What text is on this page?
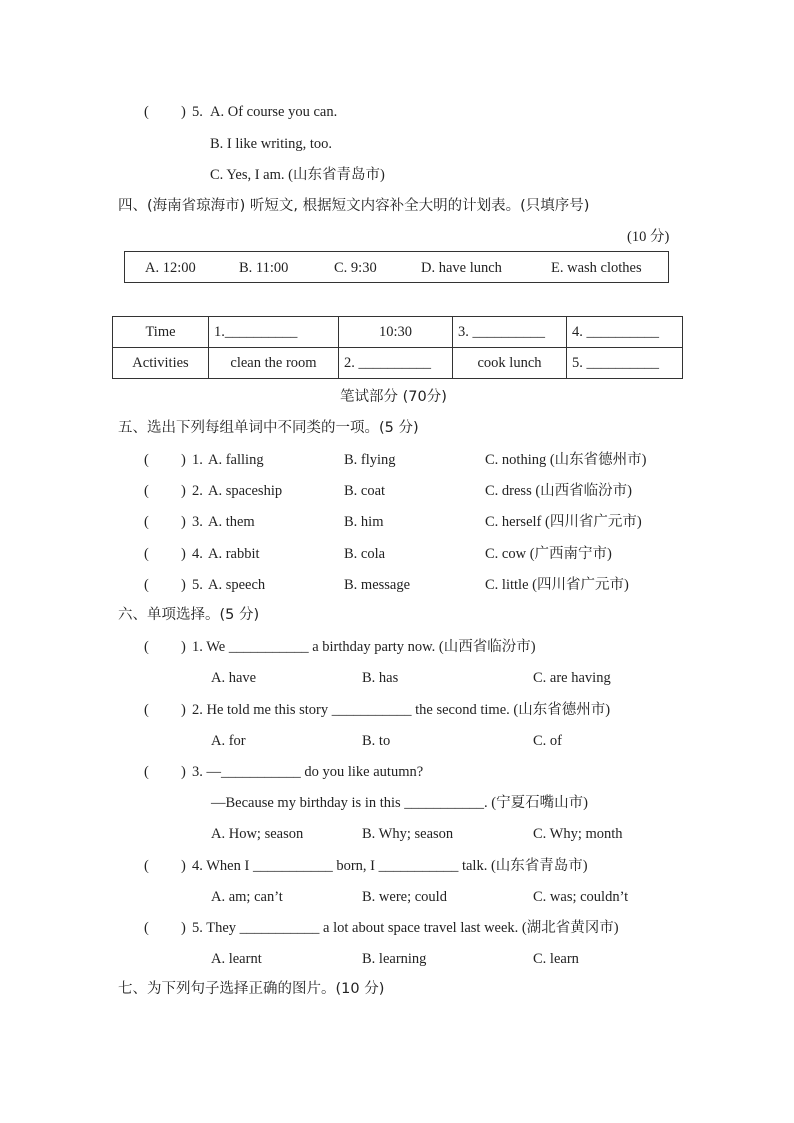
( ) 5. A. Of course you can.
B. I like writing, too.
C. Yes, I am. (山东省青岛市)
四、(海南省琼海市) 听短文, 根据短文内容补全大明的计划表。(只填序号)
(10 分)
A. 12:00	B. 11:00	C. 9:30	D. have lunch	E. wash clothes
Time	1.__________	10:30	3. __________	4. __________
Activities	clean the room	2. __________	cook lunch	5. __________
笔试部分 (70分)
五、选出下列每组单词中不同类的一项。(5 分)
( ) 1. A. falling	B. flying	C. nothing (山东省德州市)
( ) 2. A. spaceship	B. coat	C. dress (山西省临汾市)
( ) 3. A. them	B. him	C. herself (四川省广元市)
( ) 4. A. rabbit	B. cola	C. cow (广西南宁市)
( ) 5. A. speech	B. message	C. little (四川省广元市)
六、单项选择。(5 分)
( ) 1. We ___________ a birthday party now. (山西省临汾市)
A. have	B. has	C. are having
( ) 2. He told me this story ___________ the second time. (山东省德州市)
A. for	B. to	C. of
( ) 3. —___________ do you like autumn?
—Because my birthday is in this ___________. (宁夏石嘴山市)
A. How; season	B. Why; season	C. Why; month
( ) 4. When I ___________ born, I ___________ talk. (山东省青岛市)
A. am; can’t	B. were; could	C. was; couldn’t
( ) 5. They ___________ a lot about space travel last week. (湖北省黄冈市)
A. learnt	B. learning	C. learn
七、为下列句子选择正确的图片。(10 分)
